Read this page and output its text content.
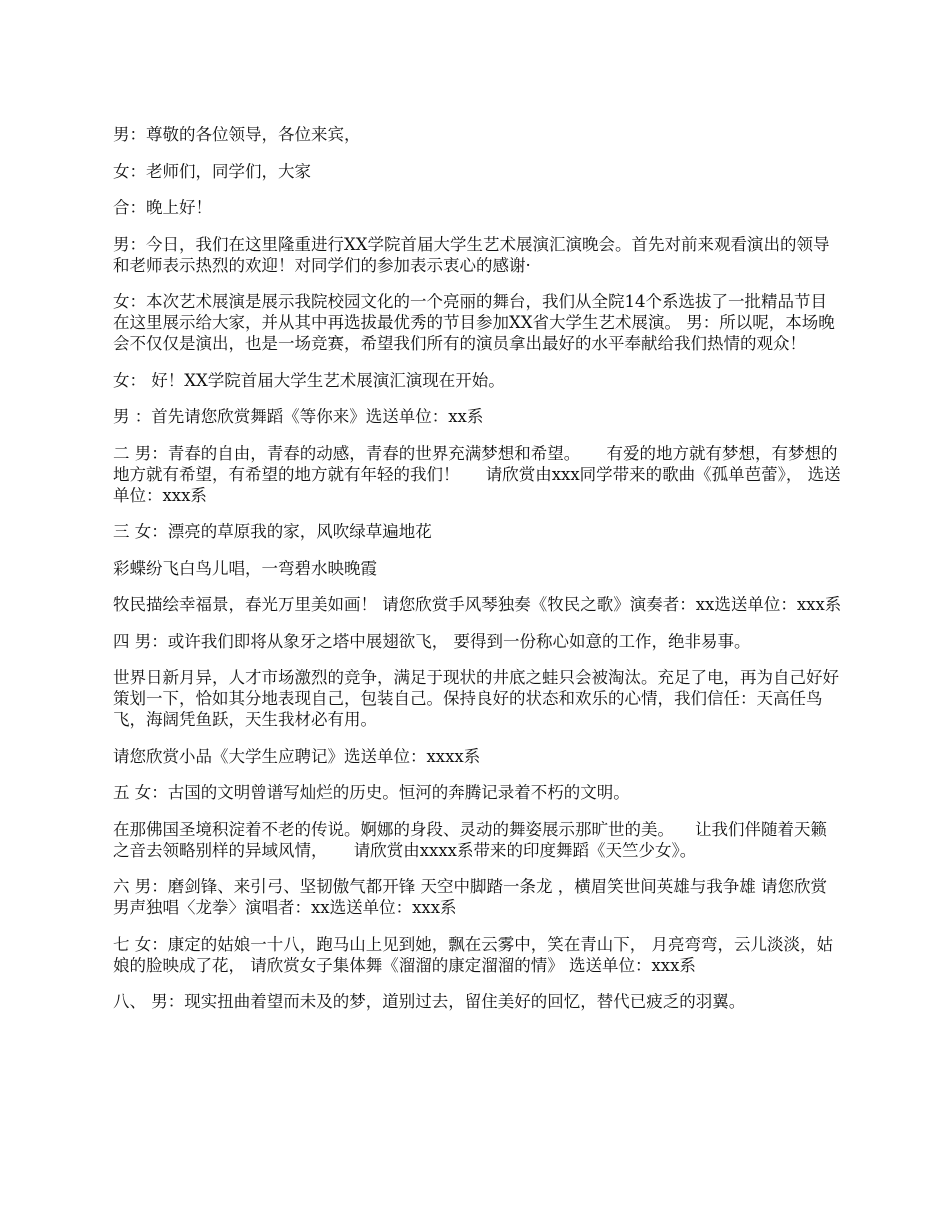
男：尊敬的各位领导，各位来宾，

女：老师们，同学们，大家

合：晚上好！

男：今日，我们在这里隆重进行XX学院首届大学生艺术展演汇演晚会。首先对前来观看演出的领导和老师表示热烈的欢迎！对同学们的参加表示衷心的感谢·

女：本次艺术展演是展示我院校园文化的一个亮丽的舞台，我们从全院14个系选拔了一批精品节目在这里展示给大家，并从其中再选拔最优秀的节目参加XX省大学生艺术展演。 男：所以呢，本场晚会不仅仅是演出，也是一场竞赛，希望我们所有的演员拿出最好的水平奉献给我们热情的观众！

女： 好！XX学院首届大学生艺术展演汇演现在开始。

男 ：首先请您欣赏舞蹈《等你来》选送单位：xx系

二 男：青春的自由，青春的动感，青春的世界充满梦想和希望。     有爱的地方就有梦想，有梦想的地方就有希望，有希望的地方就有年轻的我们！     请欣赏由xxx同学带来的歌曲《孤单芭蕾》， 选送单位：xxx系

三 女：漂亮的草原我的家，风吹绿草遍地花

彩蝶纷飞白鸟儿唱，一弯碧水映晚霞

牧民描绘幸福景，春光万里美如画！ 请您欣赏手风琴独奏《牧民之歌》演奏者：xx选送单位：xxx系

四 男：或许我们即将从象牙之塔中展翅欲飞， 要得到一份称心如意的工作，绝非易事。

世界日新月异，人才市场激烈的竞争，满足于现状的井底之蛙只会被淘汰。充足了电，再为自己好好策划一下，恰如其分地表现自己，包装自己。保持良好的状态和欢乐的心情，我们信任：天高任鸟飞，海阔凭鱼跃，天生我材必有用。

请您欣赏小品《大学生应聘记》选送单位：xxxx系

五 女：古国的文明曾谱写灿烂的历史。恒河的奔腾记录着不朽的文明。

在那佛国圣境积淀着不老的传说。婀娜的身段、灵动的舞姿展示那旷世的美。    让我们伴随着天籁之音去领略别样的异域风情，     请欣赏由xxxx系带来的印度舞蹈《天竺少女》。

六 男：磨剑锋、来引弓、坚韧傲气都开锋 天空中脚踏一条龙 ，横眉笑世间英雄与我争雄 请您欣赏男声独唱〈龙拳〉演唱者：xx选送单位：xxx系

七 女：康定的姑娘一十八，跑马山上见到她，飘在云雾中，笑在青山下， 月亮弯弯，云儿淡淡，姑娘的脸映成了花， 请欣赏女子集体舞《溜溜的康定溜溜的情》 选送单位：xxx系

八、 男：现实扭曲着望而未及的梦，道别过去，留住美好的回忆，替代已疲乏的羽翼。
